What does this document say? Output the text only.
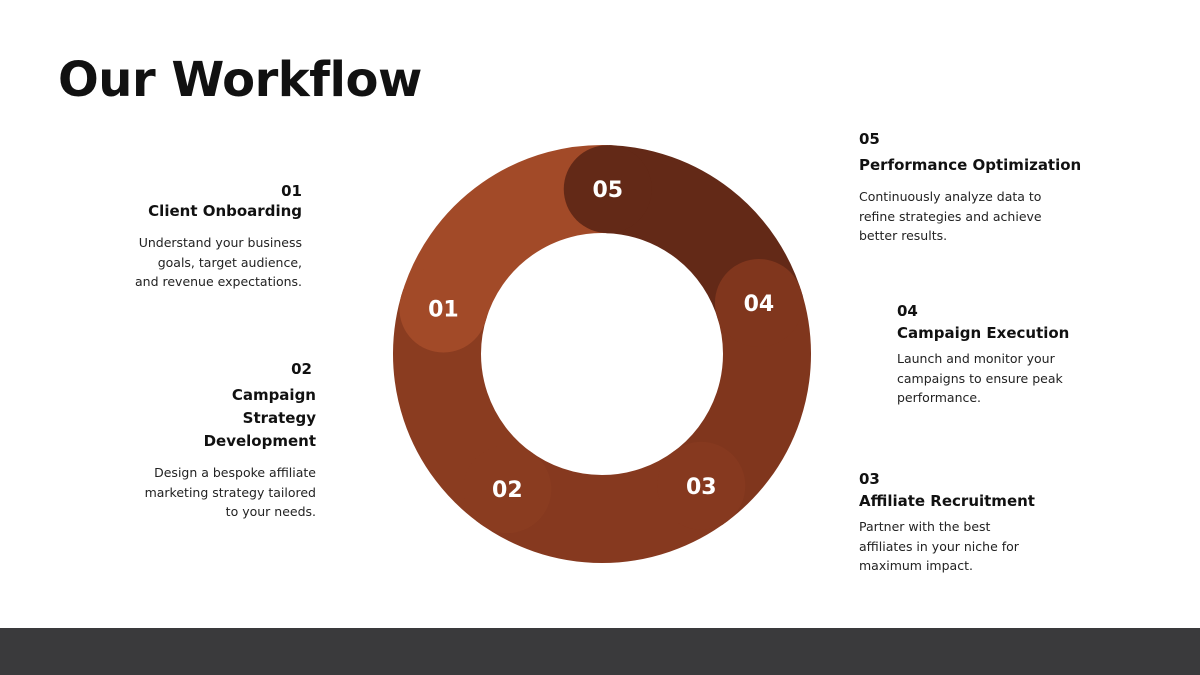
Our Workflow
01
Client Onboarding
Understand your business goals, target audience, and revenue expectations.
02
Campaign Strategy Development
Design a bespoke affiliate marketing strategy tailored to your needs.
05
Performance Optimization
Continuously analyze data to refine strategies and achieve better results.
04
Campaign Execution
Launch and monitor your campaigns to ensure peak performance.
03
Affiliate Recruitment
Partner with the best affiliates in your niche for maximum impact.
01
02	03
04
05
